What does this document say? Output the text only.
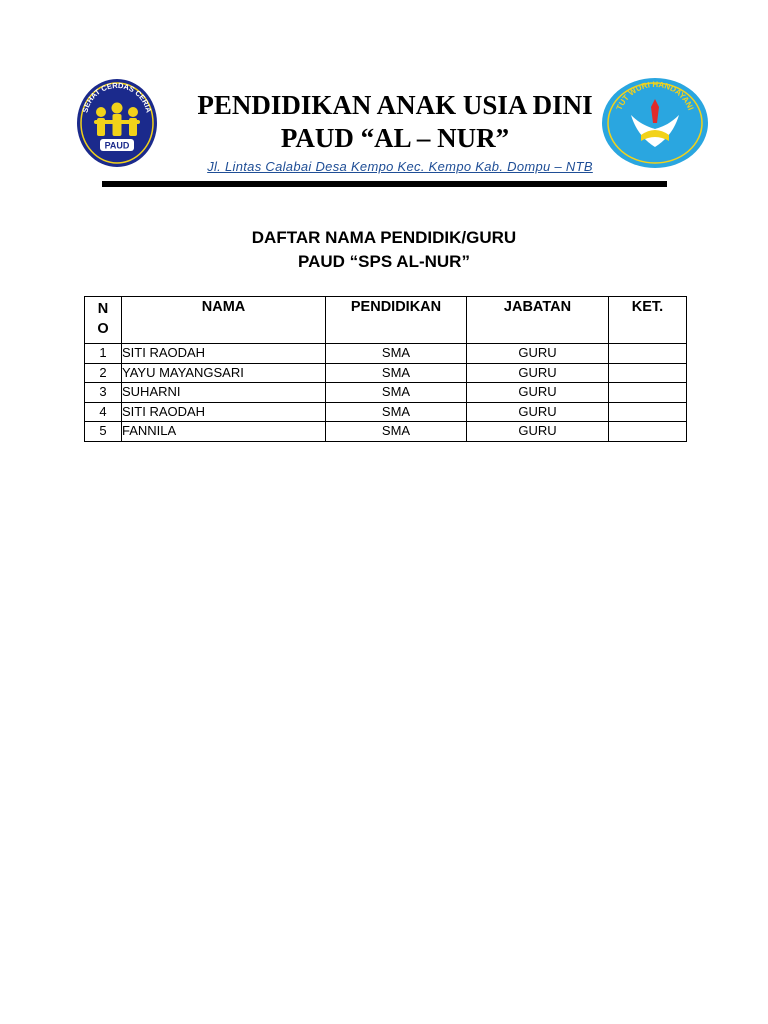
SEHAT CERDAS CERIA
PAUD
PENDIDIKAN ANAK USIA DINI
PAUD “AL – NUR”
Jl. Lintas Calabai Desa Kempo Kec. Kempo Kab. Dompu – NTB
TUT WURI HANDAYANI
DAFTAR NAMA PENDIDIK/GURU
PAUD “SPS AL-NUR”
NO	NAMA	PENDIDIKAN	JABATAN	KET.
1	SITI RAODAH	SMA	GURU	
2	YAYU MAYANGSARI	SMA	GURU	
3	SUHARNI	SMA	GURU	
4	SITI RAODAH	SMA	GURU	
5	FANNILA	SMA	GURU	
